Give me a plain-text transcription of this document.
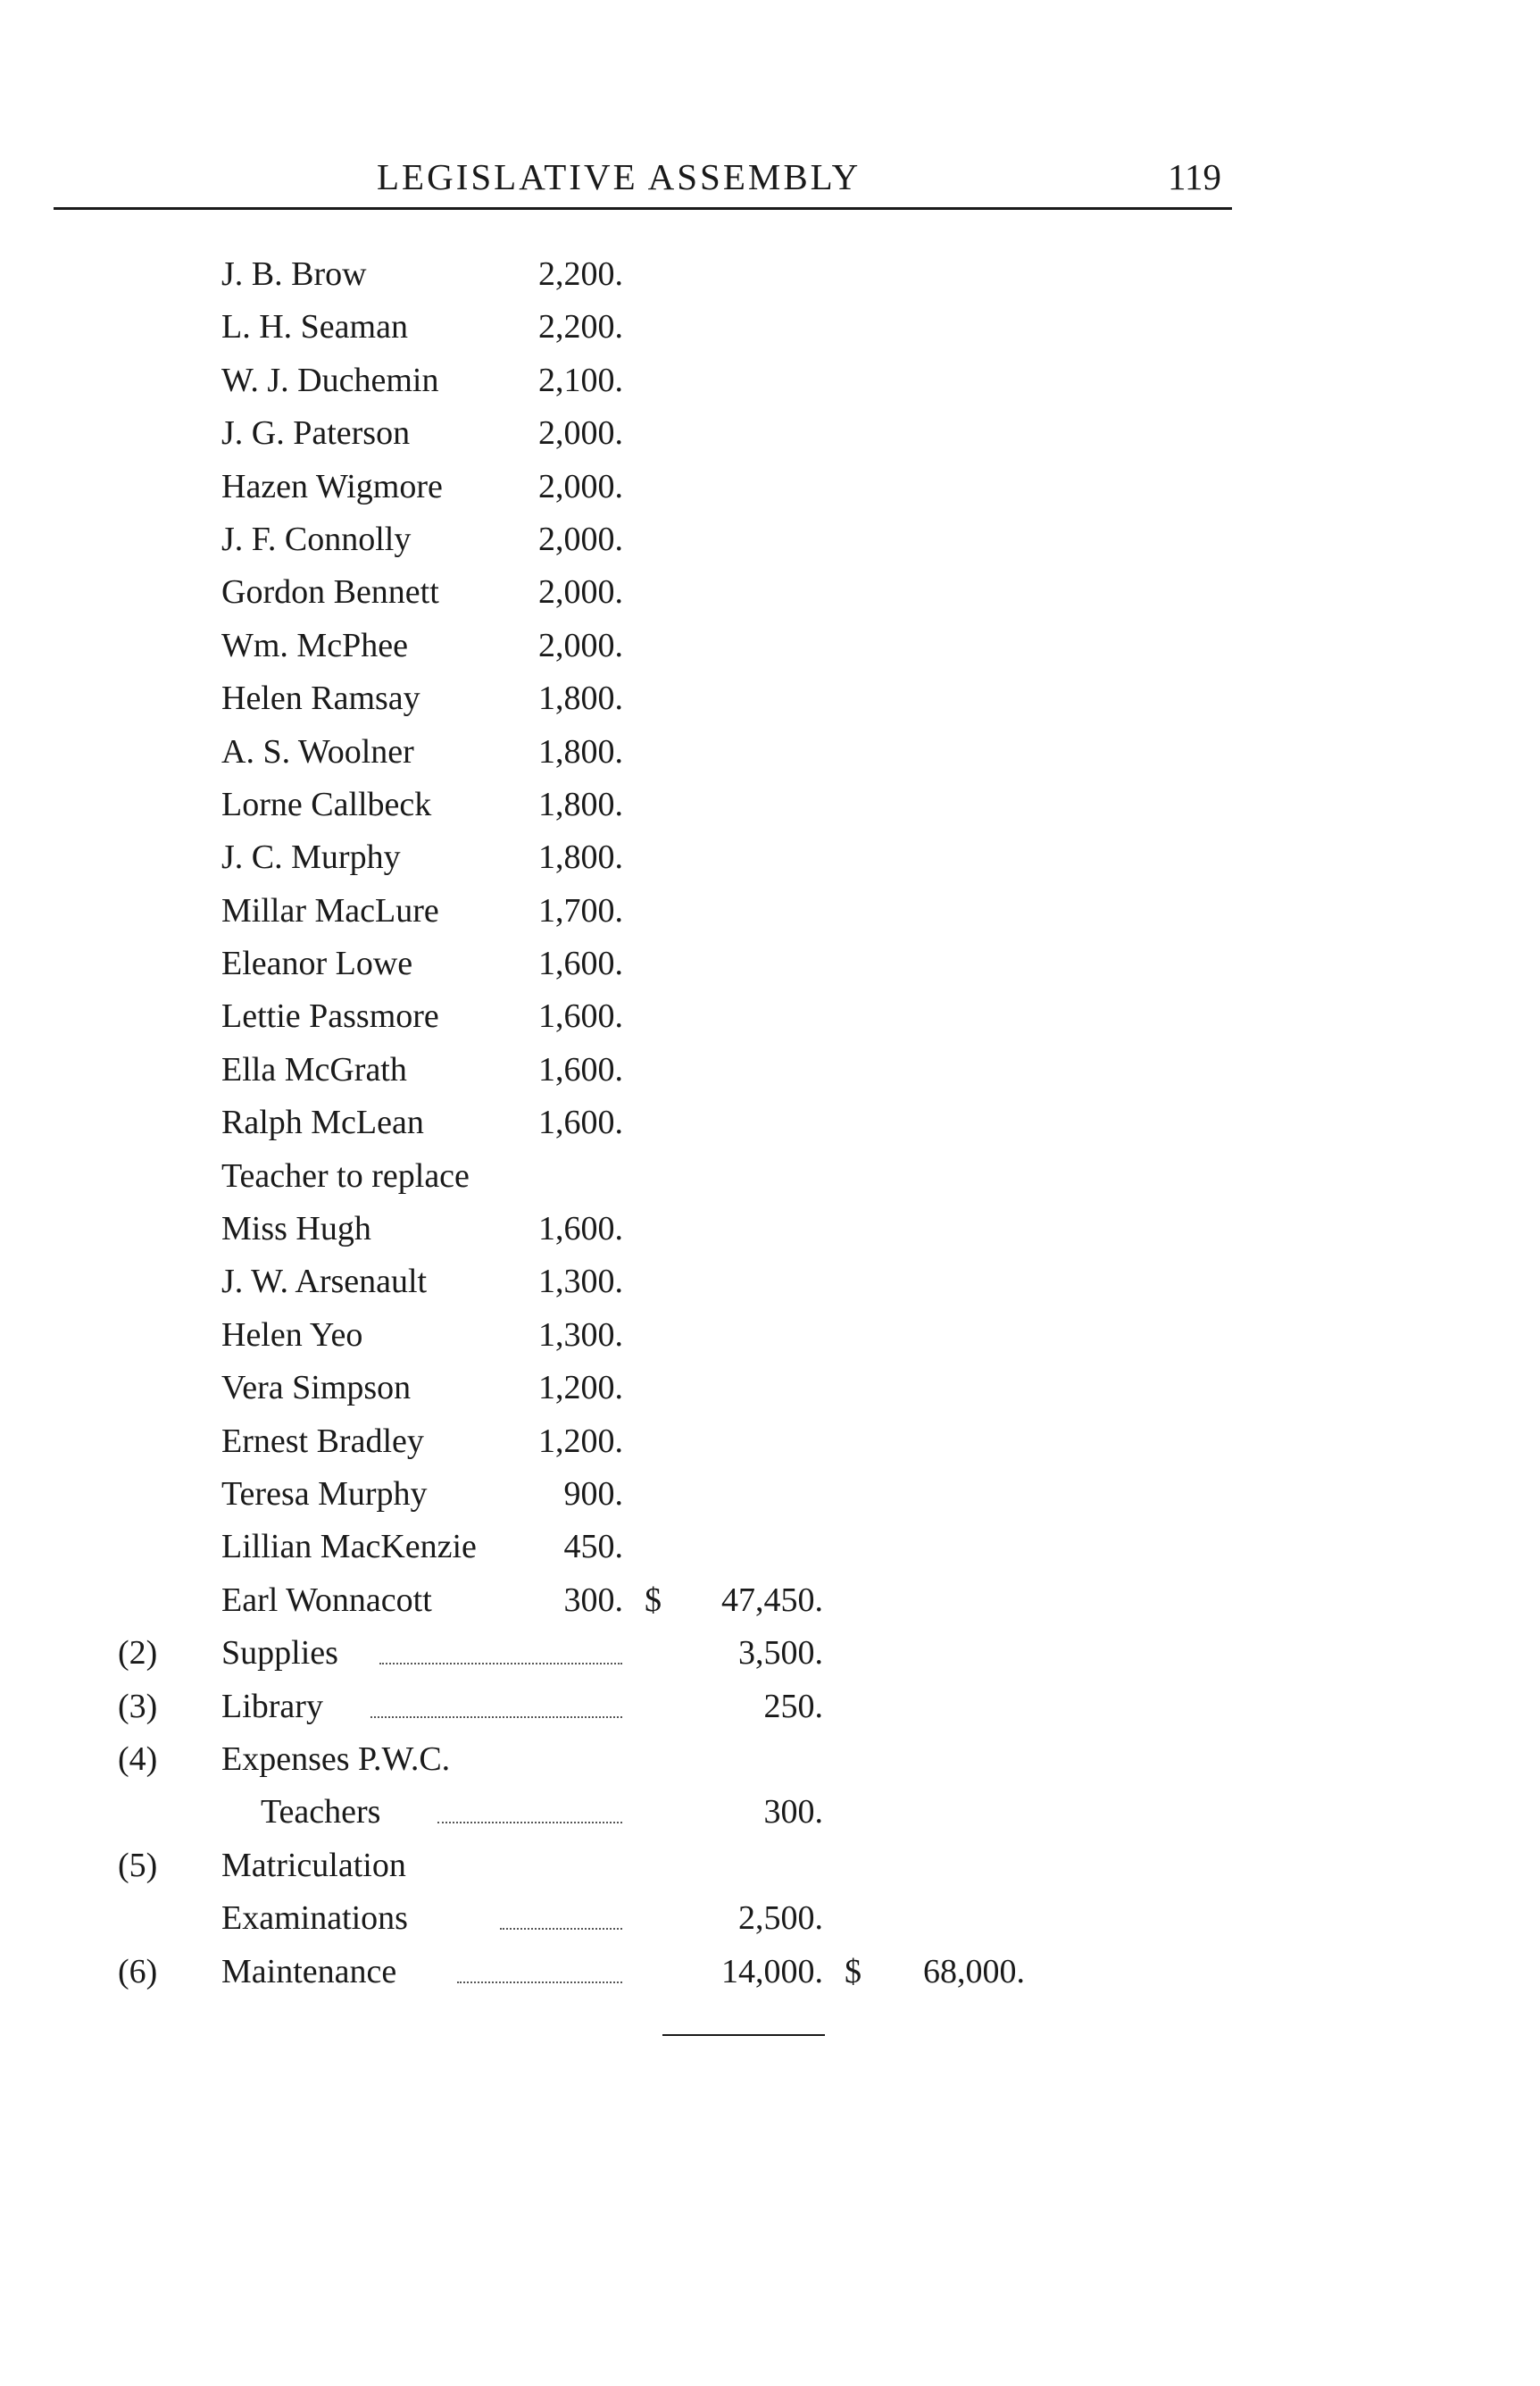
LEGISLATIVE ASSEMBLY	119
J. B. Brow	2,200.
L. H. Seaman	2,200.
W. J. Duchemin	2,100.
J. G. Paterson	2,000.
Hazen Wigmore	2,000.
J. F. Connolly	2,000.
Gordon Bennett	2,000.
Wm. McPhee	2,000.
Helen Ramsay	1,800.
A. S. Woolner	1,800.
Lorne Callbeck	1,800.
J. C. Murphy	1,800.
Millar MacLure	1,700.
Eleanor Lowe	1,600.
Lettie Passmore	1,600.
Ella McGrath	1,600.
Ralph McLean	1,600.
Teacher to replace
Miss Hugh	1,600.
J. W. Arsenault	1,300.
Helen Yeo	1,300.
Vera Simpson	1,200.
Ernest Bradley	1,200.
Teresa Murphy	900.
Lillian MacKenzie	450.
Earl Wonnacott	300. $ 47,450.
(2) Supplies	3,500.
(3) Library	250.
(4) Expenses P.W.C.
Teachers	300.
(5) Matriculation
Examinations	2,500.
(6) Maintenance	14,000. $ 68,000.
